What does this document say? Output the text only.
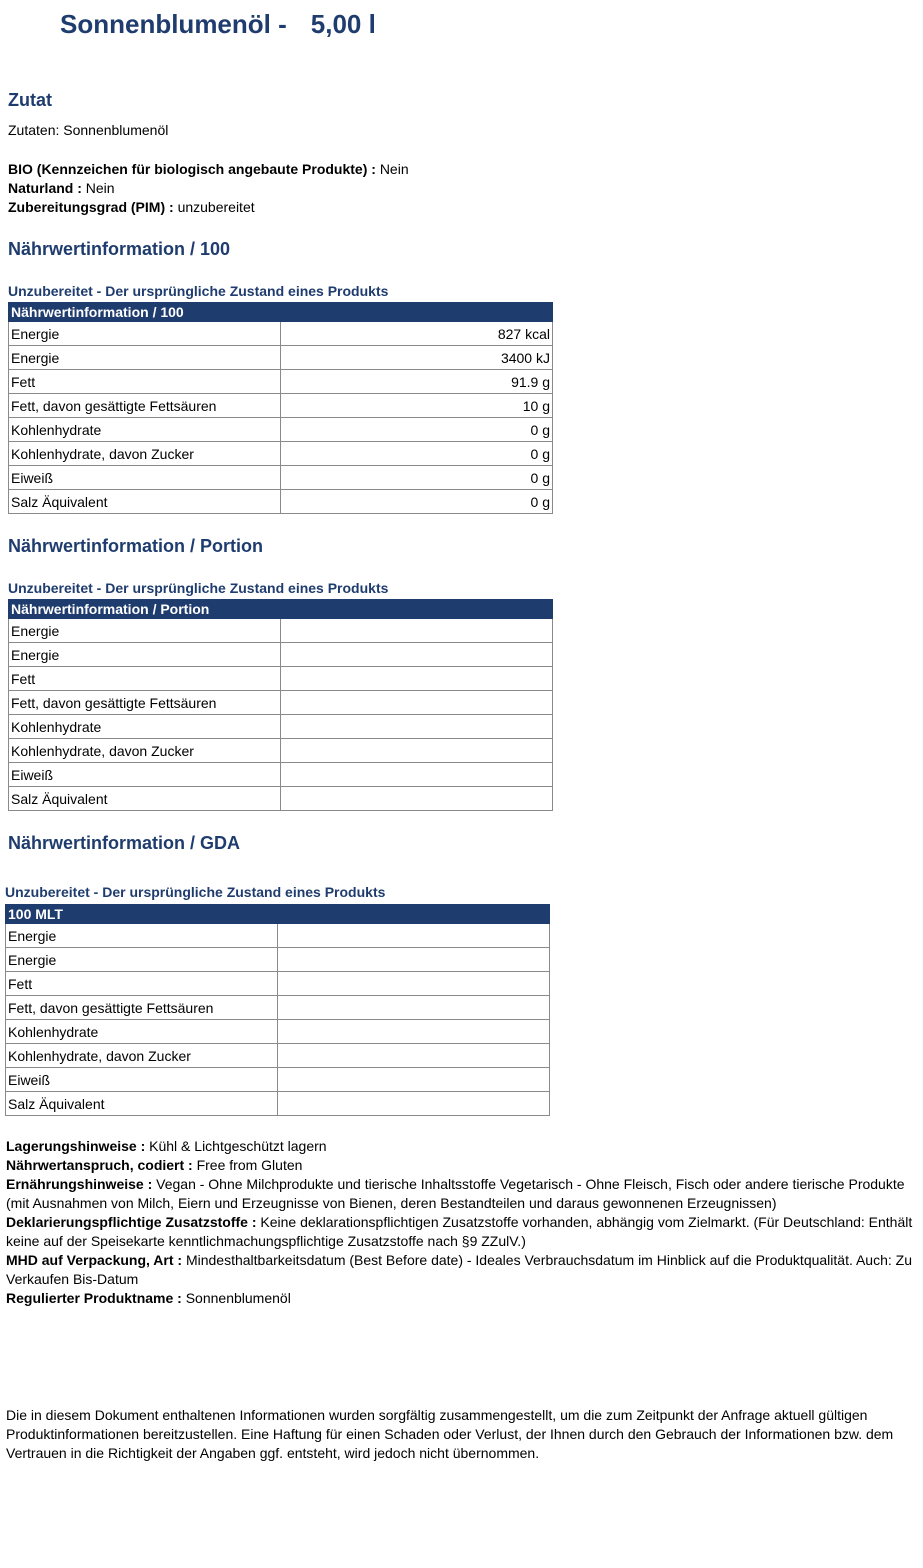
Sonnenblumenöl - 5,00 l
Zutat
Zutaten: Sonnenblumenöl
BIO (Kennzeichen für biologisch angebaute Produkte) : Nein
Naturland : Nein
Zubereitungsgrad (PIM) : unzubereitet
Nährwertinformation / 100
Unzubereitet - Der ursprüngliche Zustand eines Produkts
Nährwertinformation / 100	
Energie	827 kcal
Energie	3400 kJ
Fett	91.9 g
Fett, davon gesättigte Fettsäuren	10 g
Kohlenhydrate	0 g
Kohlenhydrate, davon Zucker	0 g
Eiweiß	0 g
Salz Äquivalent	0 g
Nährwertinformation / Portion
Unzubereitet - Der ursprüngliche Zustand eines Produkts
Nährwertinformation / Portion	
Energie	
Energie	
Fett	
Fett, davon gesättigte Fettsäuren	
Kohlenhydrate	
Kohlenhydrate, davon Zucker	
Eiweiß	
Salz Äquivalent	
Nährwertinformation / GDA
Unzubereitet - Der ursprüngliche Zustand eines Produkts
100 MLT	
Energie	
Energie	
Fett	
Fett, davon gesättigte Fettsäuren	
Kohlenhydrate	
Kohlenhydrate, davon Zucker	
Eiweiß	
Salz Äquivalent	
Lagerungshinweise : Kühl & Lichtgeschützt lagern
Nährwertanspruch, codiert : Free from Gluten
Ernährungshinweise : Vegan - Ohne Milchprodukte und tierische Inhaltsstoffe Vegetarisch - Ohne Fleisch, Fisch oder andere tierische Produkte (mit Ausnahmen von Milch, Eiern und Erzeugnisse von Bienen, deren Bestandteilen und daraus gewonnenen Erzeugnissen)
Deklarierungspflichtige Zusatzstoffe : Keine deklarationspflichtigen Zusatzstoffe vorhanden, abhängig vom Zielmarkt. (Für Deutschland: Enthält keine auf der Speisekarte kenntlichmachungspflichtige Zusatzstoffe nach §9 ZZulV.)
MHD auf Verpackung, Art : Mindesthaltbarkeitsdatum (Best Before date) - Ideales Verbrauchsdatum im Hinblick auf die Produktqualität. Auch: Zu Verkaufen Bis-Datum
Regulierter Produktname : Sonnenblumenöl
Die in diesem Dokument enthaltenen Informationen wurden sorgfältig zusammengestellt, um die zum Zeitpunkt der Anfrage aktuell gültigen Produktinformationen bereitzustellen. Eine Haftung für einen Schaden oder Verlust, der Ihnen durch den Gebrauch der Informationen bzw. dem Vertrauen in die Richtigkeit der Angaben ggf. entsteht, wird jedoch nicht übernommen.
